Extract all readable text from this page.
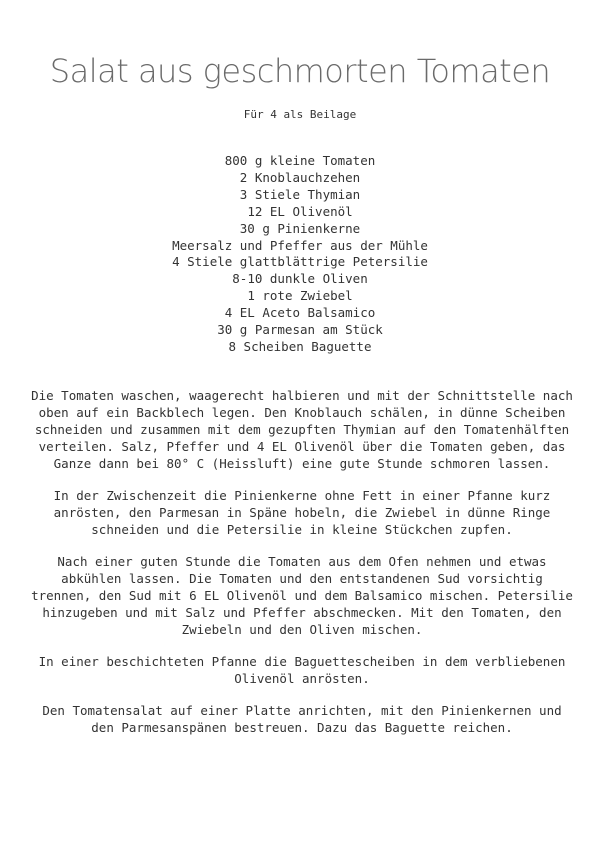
Salat aus geschmorten Tomaten
Für 4 als Beilage
800 g kleine Tomaten
2 Knoblauchzehen
3 Stiele Thymian
12 EL Olivenöl
30 g Pinienkerne
Meersalz und Pfeffer aus der Mühle
4 Stiele glattblättrige Petersilie
8-10 dunkle Oliven
1 rote Zwiebel
4 EL Aceto Balsamico
30 g Parmesan am Stück
8 Scheiben Baguette

Die Tomaten waschen, waagerecht halbieren und mit der Schnittstelle nach oben auf ein Backblech legen. Den Knoblauch schälen, in dünne Scheiben schneiden und zusammen mit dem gezupften Thymian auf den Tomatenhälften verteilen. Salz, Pfeffer und 4 EL Olivenöl über die Tomaten geben, das Ganze dann bei 80° C (Heissluft) eine gute Stunde schmoren lassen.

In der Zwischenzeit die Pinienkerne ohne Fett in einer Pfanne kurz anrösten, den Parmesan in Späne hobeln, die Zwiebel in dünne Ringe schneiden und die Petersilie in kleine Stückchen zupfen.

Nach einer guten Stunde die Tomaten aus dem Ofen nehmen und etwas abkühlen lassen. Die Tomaten und den entstandenen Sud vorsichtig trennen, den Sud mit 6 EL Olivenöl und dem Balsamico mischen. Petersilie hinzugeben und mit Salz und Pfeffer abschmecken. Mit den Tomaten, den Zwiebeln und den Oliven mischen.

In einer beschichteten Pfanne die Baguettescheiben in dem verbliebenen Olivenöl anrösten.

Den Tomatensalat auf einer Platte anrichten, mit den Pinienkernen und den Parmesanspänen bestreuen. Dazu das Baguette reichen.
